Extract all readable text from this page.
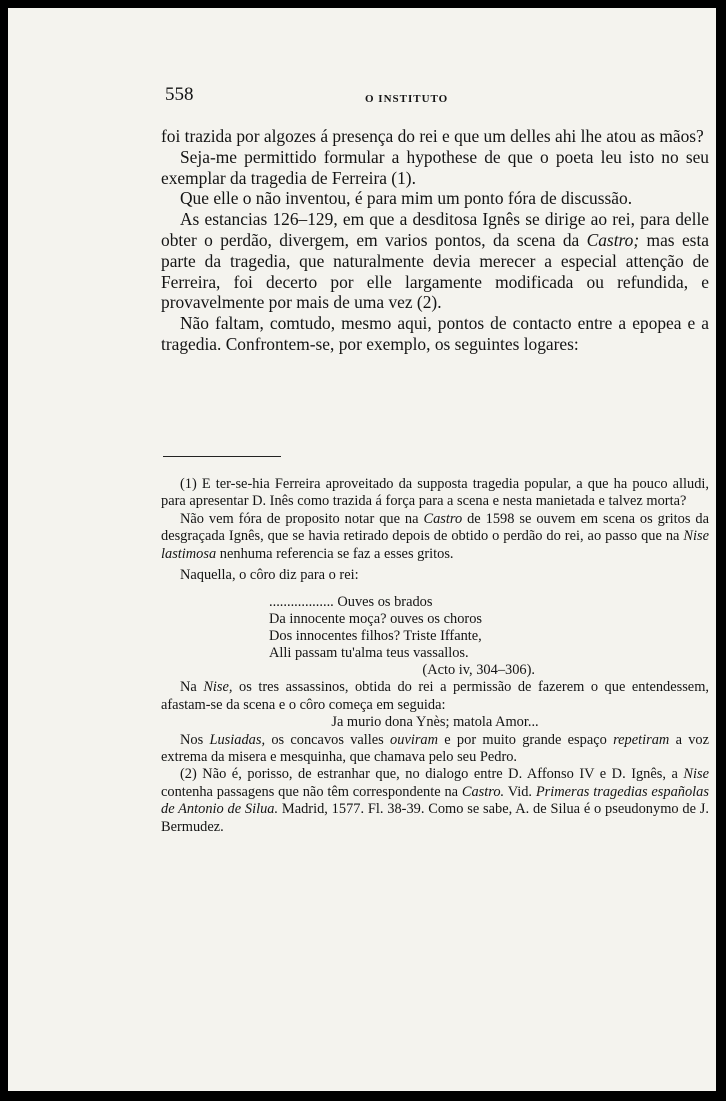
558	O INSTITUTO

foi trazida por algozes á presença do rei e que um delles ahi lhe atou as mãos?

Seja-me permittido formular a hypothese de que o poeta leu isto no seu exemplar da tragedia de Ferreira (1).

Que elle o não inventou, é para mim um ponto fóra de discussão.

As estancias 126–129, em que a desditosa Ignês se dirige ao rei, para delle obter o perdão, divergem, em varios pontos, da scena da Castro; mas esta parte da tragedia, que naturalmente devia merecer a especial attenção de Ferreira, foi decerto por elle largamente modificada ou refundida, e provavelmente por mais de uma vez (2).

Não faltam, comtudo, mesmo aqui, pontos de contacto entre a epopea e a tragedia. Confrontem-se, por exemplo, os seguintes logares:

(1) E ter-se-hia Ferreira aproveitado da supposta tragedia popular, a que ha pouco alludi, para apresentar D. Inês como trazida á força para a scena e nesta manietada e talvez morta?

Não vem fóra de proposito notar que na Castro de 1598 se ouvem em scena os gritos da desgraçada Ignês, que se havia retirado depois de obtido o perdão do rei, ao passo que na Nise lastimosa nenhuma referencia se faz a esses gritos.

Naquella, o côro diz para o rei:

.................. Ouves os brados
Da innocente moça? ouves os choros
Dos innocentes filhos? Triste Iffante,
Alli passam tu'alma teus vassallos.
(Acto iv, 304–306).

Na Nise, os tres assassinos, obtida do rei a permissão de fazerem o que entendessem, afastam-se da scena e o côro começa em seguida:

Ja murio dona Ynès; matola Amor...

Nos Lusiadas, os concavos valles ouviram e por muito grande espaço repetiram a voz extrema da misera e mesquinha, que chamava pelo seu Pedro.

(2) Não é, porisso, de estranhar que, no dialogo entre D. Affonso IV e D. Ignês, a Nise contenha passagens que não têm correspondente na Castro. Vid. Primeras tragedias españolas de Antonio de Silua. Madrid, 1577. Fl. 38-39. Como se sabe, A. de Silua é o pseudonymo de J. Bermudez.
